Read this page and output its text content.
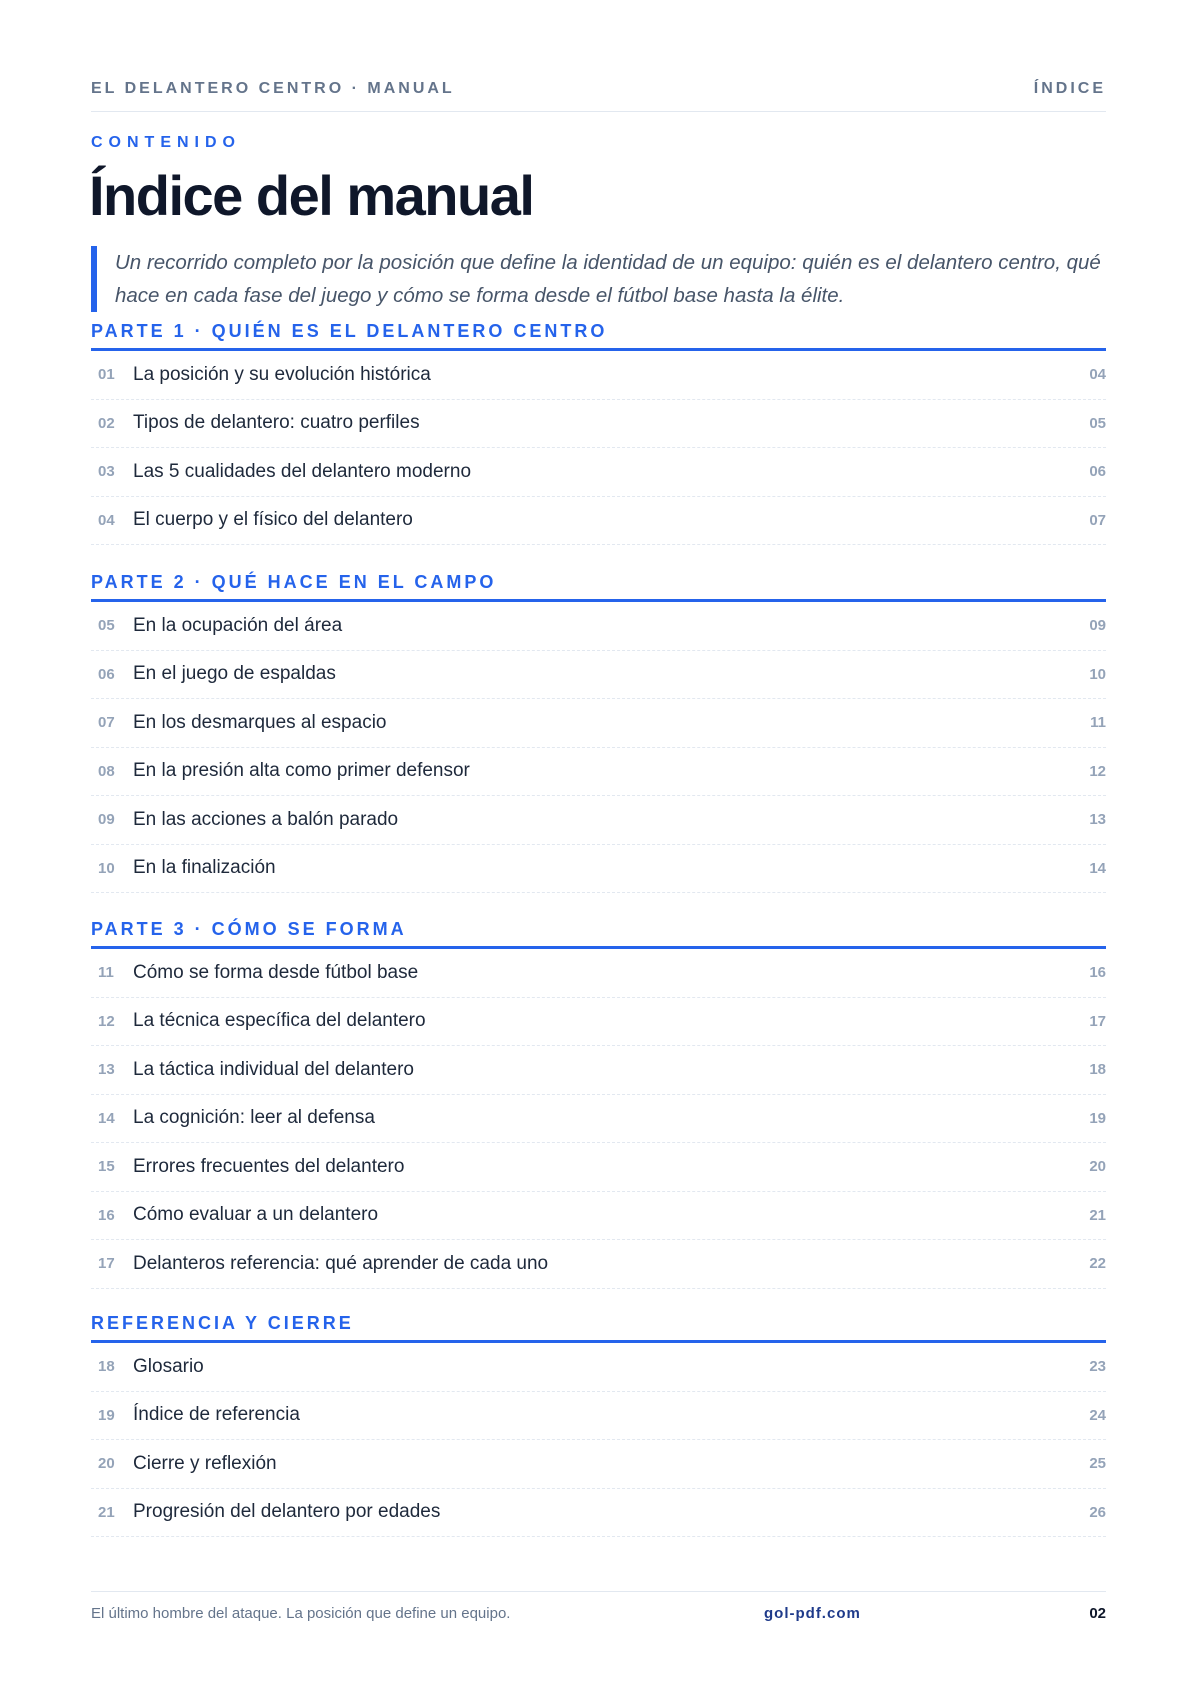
EL DELANTERO CENTRO · MANUAL	ÍNDICE
CONTENIDO
Índice del manual
Un recorrido completo por la posición que define la identidad de un equipo: quién es el delantero centro, qué hace en cada fase del juego y cómo se forma desde el fútbol base hasta la élite.
PARTE 1 · QUIÉN ES EL DELANTERO CENTRO
01 La posición y su evolución histórica	04
02 Tipos de delantero: cuatro perfiles	05
03 Las 5 cualidades del delantero moderno	06
04 El cuerpo y el físico del delantero	07
PARTE 2 · QUÉ HACE EN EL CAMPO
05 En la ocupación del área	09
06 En el juego de espaldas	10
07 En los desmarques al espacio	11
08 En la presión alta como primer defensor	12
09 En las acciones a balón parado	13
10 En la finalización	14
PARTE 3 · CÓMO SE FORMA
11	Cómo se forma desde fútbol base	16
12 La técnica específica del delantero	17
13 La táctica individual del delantero	18
14 La cognición: leer al defensa	19
15 Errores frecuentes del delantero	20
16 Cómo evaluar a un delantero	21
17 Delanteros referencia: qué aprender de cada uno	22
REFERENCIA Y CIERRE
18 Glosario	23
19 Índice de referencia	24
20 Cierre y reflexión	25
21 Progresión del delantero por edades	26
El último hombre del ataque. La posición que define un equipo.	gol-pdf.com	02
